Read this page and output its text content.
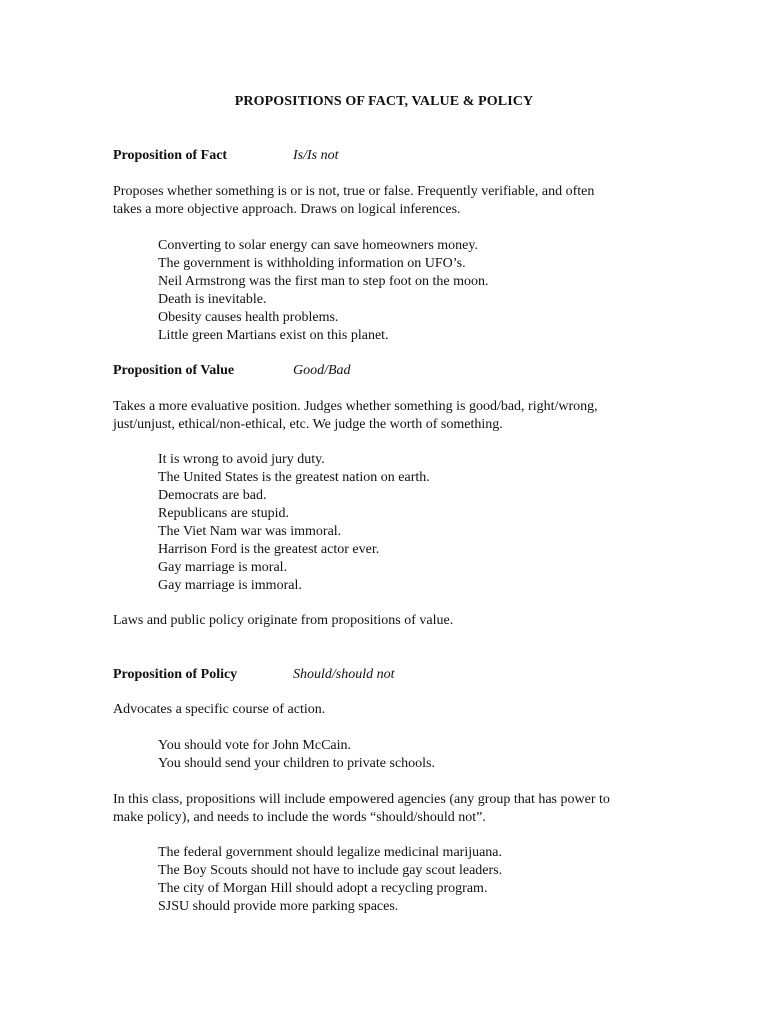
PROPOSITIONS OF FACT, VALUE & POLICY
Proposition of Fact	Is/Is not
Proposes whether something is or is not, true or false. Frequently verifiable, and often
takes a more objective approach. Draws on logical inferences.
Converting to solar energy can save homeowners money.
The government is withholding information on UFO’s.
Neil Armstrong was the first man to step foot on the moon.
Death is inevitable.
Obesity causes health problems.
Little green Martians exist on this planet.
Proposition of Value	Good/Bad
Takes a more evaluative position. Judges whether something is good/bad, right/wrong,
just/unjust, ethical/non-ethical, etc. We judge the worth of something.
It is wrong to avoid jury duty.
The United States is the greatest nation on earth.
Democrats are bad.
Republicans are stupid.
The Viet Nam war was immoral.
Harrison Ford is the greatest actor ever.
Gay marriage is moral.
Gay marriage is immoral.
Laws and public policy originate from propositions of value.
Proposition of Policy	Should/should not
Advocates a specific course of action.
You should vote for John McCain.
You should send your children to private schools.
In this class, propositions will include empowered agencies (any group that has power to
make policy), and needs to include the words “should/should not”.
The federal government should legalize medicinal marijuana.
The Boy Scouts should not have to include gay scout leaders.
The city of Morgan Hill should adopt a recycling program.
SJSU should provide more parking spaces.
